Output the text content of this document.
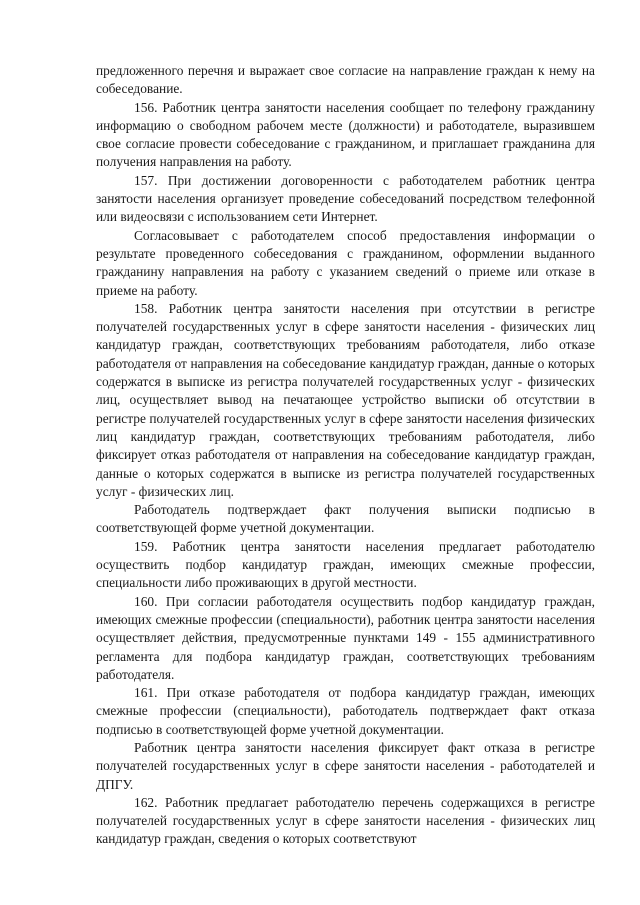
предложенного перечня и выражает свое согласие на направление граждан к нему на собеседование.

156. Работник центра занятости населения сообщает по телефону гражданину информацию о свободном рабочем месте (должности) и работодателе, выразившем свое согласие провести собеседование с гражданином, и приглашает гражданина для получения направления на работу.

157. При достижении договоренности с работодателем работник центра занятости населения организует проведение собеседований посредством телефонной или видеосвязи с использованием сети Интернет.

Согласовывает с работодателем способ предоставления информации о результате проведенного собеседования с гражданином, оформлении выданного гражданину направления на работу с указанием сведений о приеме или отказе в приеме на работу.

158. Работник центра занятости населения при отсутствии в регистре получателей государственных услуг в сфере занятости населения - физических лиц кандидатур граждан, соответствующих требованиям работодателя, либо отказе работодателя от направления на собеседование кандидатур граждан, данные о которых содержатся в выписке из регистра получателей государственных услуг - физических лиц, осуществляет вывод на печатающее устройство выписки об отсутствии в регистре получателей государственных услуг в сфере занятости населения физических лиц кандидатур граждан, соответствующих требованиям работодателя, либо фиксирует отказ работодателя от направления на собеседование кандидатур граждан, данные о которых содержатся в выписке из регистра получателей государственных услуг - физических лиц.

Работодатель подтверждает факт получения выписки подписью в соответствующей форме учетной документации.

159. Работник центра занятости населения предлагает работодателю осуществить подбор кандидатур граждан, имеющих смежные профессии, специальности либо проживающих в другой местности.

160. При согласии работодателя осуществить подбор кандидатур граждан, имеющих смежные профессии (специальности), работник центра занятости населения осуществляет действия, предусмотренные пунктами 149 - 155 административного регламента для подбора кандидатур граждан, соответствующих требованиям работодателя.

161. При отказе работодателя от подбора кандидатур граждан, имеющих смежные профессии (специальности), работодатель подтверждает факт отказа подписью в соответствующей форме учетной документации.

Работник центра занятости населения фиксирует факт отказа в регистре получателей государственных услуг в сфере занятости населения - работодателей и ДПГУ.

162. Работник предлагает работодателю перечень содержащихся в регистре получателей государственных услуг в сфере занятости населения - физических лиц кандидатур граждан, сведения о которых соответствуют
